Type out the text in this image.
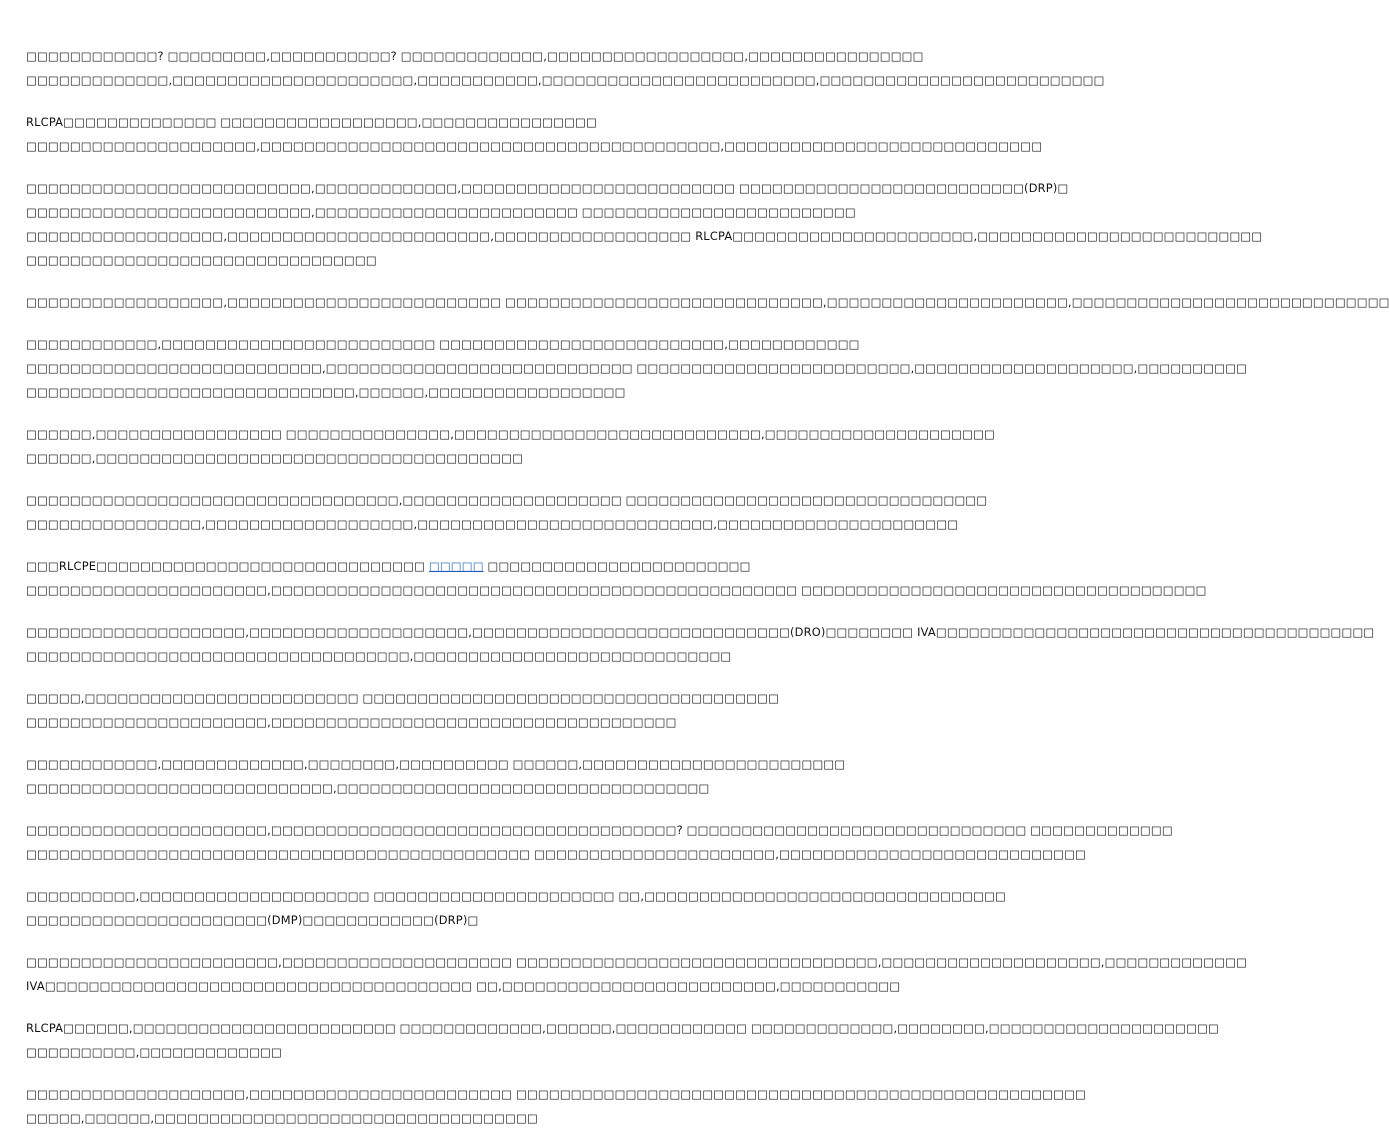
□□□□□□□□□□□□? □□□□□□□□□,□□□□□□□□□□□? □□□□□□□□□□□□□,□□□□□□□□□□□□□□□□□□,□□□□□□□□□□□□□□□□
□□□□□□□□□□□□□,□□□□□□□□□□□□□□□□□□□□□□,□□□□□□□□□□□,□□□□□□□□□□□□□□□□□□□□□□□□□,□□□□□□□□□□□□□□□□□□□□□□□□□□

RLCPA□□□□□□□□□□□□□□ □□□□□□□□□□□□□□□□□□,□□□□□□□□□□□□□□□□
□□□□□□□□□□□□□□□□□□□□□,□□□□□□□□□□□□□□□□□□□□□□□□□□□□□□□□□□□□□□□□□□,□□□□□□□□□□□□□□□□□□□□□□□□□□□□□

□□□□□□□□□□□□□□□□□□□□□□□□□□,□□□□□□□□□□□□□,□□□□□□□□□□□□□□□□□□□□□□□□□ □□□□□□□□□□□□□□□□□□□□□□□□□□(DRP)□
□□□□□□□□□□□□□□□□□□□□□□□□□□,□□□□□□□□□□□□□□□□□□□□□□□□ □□□□□□□□□□□□□□□□□□□□□□□□□
□□□□□□□□□□□□□□□□□□,□□□□□□□□□□□□□□□□□□□□□□□□,□□□□□□□□□□□□□□□□□□ RLCPA□□□□□□□□□□□□□□□□□□□□□□,□□□□□□□□□□□□□□□□□□□□□□□□□□
□□□□□□□□□□□□□□□□□□□□□□□□□□□□□□□□

□□□□□□□□□□□□□□□□□□,□□□□□□□□□□□□□□□□□□□□□□□□□ □□□□□□□□□□□□□□□□□□□□□□□□□□□□□,□□□□□□□□□□□□□□□□□□□□□□,□□□□□□□□□□□□□□□□□□□□□□□□□□□□□

□□□□□□□□□□□□,□□□□□□□□□□□□□□□□□□□□□□□□□ □□□□□□□□□□□□□□□□□□□□□□□□□□,□□□□□□□□□□□□
□□□□□□□□□□□□□□□□□□□□□□□□□□□,□□□□□□□□□□□□□□□□□□□□□□□□□□□□ □□□□□□□□□□□□□□□□□□□□□□□□□,□□□□□□□□□□□□□□□□□□□□,□□□□□□□□□□
□□□□□□□□□□□□□□□□□□□□□□□□□□□□□□,□□□□□□,□□□□□□□□□□□□□□□□□□

□□□□□□,□□□□□□□□□□□□□□□□□ □□□□□□□□□□□□□□□,□□□□□□□□□□□□□□□□□□□□□□□□□□□□,□□□□□□□□□□□□□□□□□□□□□
□□□□□□,□□□□□□□□□□□□□□□□□□□□□□□□□□□□□□□□□□□□□□□

□□□□□□□□□□□□□□□□□□□□□□□□□□□□□□□□□□,□□□□□□□□□□□□□□□□□□□□ □□□□□□□□□□□□□□□□□□□□□□□□□□□□□□□□□
□□□□□□□□□□□□□□□□,□□□□□□□□□□□□□□□□□□□,□□□□□□□□□□□□□□□□□□□□□□□□□□□,□□□□□□□□□□□□□□□□□□□□□□

□□□RLCPE□□□□□□□□□□□□□□□□□□□□□□□□□□□□□□ □□□□□ □□□□□□□□□□□□□□□□□□□□□□□□
□□□□□□□□□□□□□□□□□□□□□□,□□□□□□□□□□□□□□□□□□□□□□□□□□□□□□□□□□□□□□□□□□□□□□□□ □□□□□□□□□□□□□□□□□□□□□□□□□□□□□□□□□□□□□

□□□□□□□□□□□□□□□□□□□□,□□□□□□□□□□□□□□□□□□□□,□□□□□□□□□□□□□□□□□□□□□□□□□□□□□(DRO)□□□□□□□□ IVA□□□□□□□□□□□□□□□□□□□□□□□□□□□□□□□□□□□□□□□□
□□□□□□□□□□□□□□□□□□□□□□□□□□□□□□□□□□□,□□□□□□□□□□□□□□□□□□□□□□□□□□□□□

□□□□□,□□□□□□□□□□□□□□□□□□□□□□□□□ □□□□□□□□□□□□□□□□□□□□□□□□□□□□□□□□□□□□□□
□□□□□□□□□□□□□□□□□□□□□□,□□□□□□□□□□□□□□□□□□□□□□□□□□□□□□□□□□□□□

□□□□□□□□□□□□,□□□□□□□□□□□□□,□□□□□□□□,□□□□□□□□□□ □□□□□□,□□□□□□□□□□□□□□□□□□□□□□□□
□□□□□□□□□□□□□□□□□□□□□□□□□□□□,□□□□□□□□□□□□□□□□□□□□□□□□□□□□□□□□□□

□□□□□□□□□□□□□□□□□□□□□□,□□□□□□□□□□□□□□□□□□□□□□□□□□□□□□□□□□□□□? □□□□□□□□□□□□□□□□□□□□□□□□□□□□□□□ □□□□□□□□□□□□□
□□□□□□□□□□□□□□□□□□□□□□□□□□□□□□□□□□□□□□□□□□□□□□ □□□□□□□□□□□□□□□□□□□□□□,□□□□□□□□□□□□□□□□□□□□□□□□□□□□

□□□□□□□□□□,□□□□□□□□□□□□□□□□□□□□□ □□□□□□□□□□□□□□□□□□□□□□ □□,□□□□□□□□□□□□□□□□□□□□□□□□□□□□□□□□□
□□□□□□□□□□□□□□□□□□□□□□(DMP)□□□□□□□□□□□□(DRP)□

□□□□□□□□□□□□□□□□□□□□□□□,□□□□□□□□□□□□□□□□□□□□□ □□□□□□□□□□□□□□□□□□□□□□□□□□□□□□□□□,□□□□□□□□□□□□□□□□□□□□,□□□□□□□□□□□□□
IVA□□□□□□□□□□□□□□□□□□□□□□□□□□□□□□□□□□□□□□□ □□,□□□□□□□□□□□□□□□□□□□□□□□□□,□□□□□□□□□□□

RLCPA□□□□□□,□□□□□□□□□□□□□□□□□□□□□□□□ □□□□□□□□□□□□□,□□□□□□,□□□□□□□□□□□□ □□□□□□□□□□□□□,□□□□□□□□,□□□□□□□□□□□□□□□□□□□□□
□□□□□□□□□□,□□□□□□□□□□□□□

□□□□□□□□□□□□□□□□□□□□,□□□□□□□□□□□□□□□□□□□□□□□□ □□□□□□□□□□□□□□□□□□□□□□□□□□□□□□□□□□□□□□□□□□□□□□□□□□□□
□□□□□,□□□□□□,□□□□□□□□□□□□□□□□□□□□□□□□□□□□□□□□□□□
